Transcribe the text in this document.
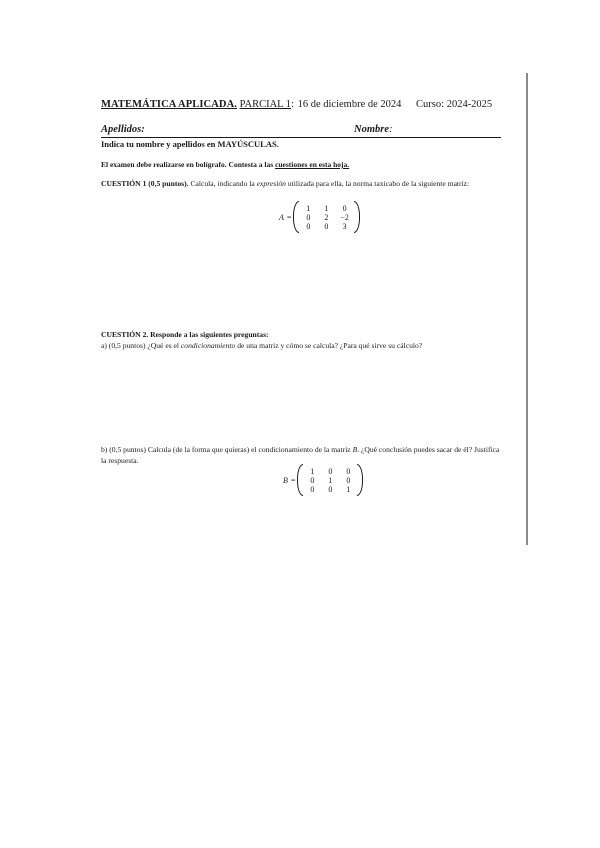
MATEMÁTICA APLICADA. PARCIAL 1: 16 de diciembre de 2024 Curso: 2024-2025
Apellidos:	Nombre:
Indica tu nombre y apellidos en MAYÚSCULAS.
El examen debe realizarse en bolígrafo. Contesta a las cuestiones en esta hoja.
CUESTIÓN 1 (0,5 puntos). Calcula, indicando la expresión utilizada para ella, la norma taxicabo de la siguiente matriz:
A =
1	1	0
0	2	−2
0	0	3
CUESTIÓN 2. Responde a las siguientes preguntas:
a) (0,5 puntos) ¿Qué es el condicionamiento de una matriz y cómo se calcula? ¿Para qué sirve su cálculo?
b) (0,5 puntos) Calcula (de la forma que quieras) el condicionamiento de la matriz B. ¿Qué conclusión puedes sacar de él? Justifica la respuesta.
B =
1	0	0
0	1	0
0	0	1
